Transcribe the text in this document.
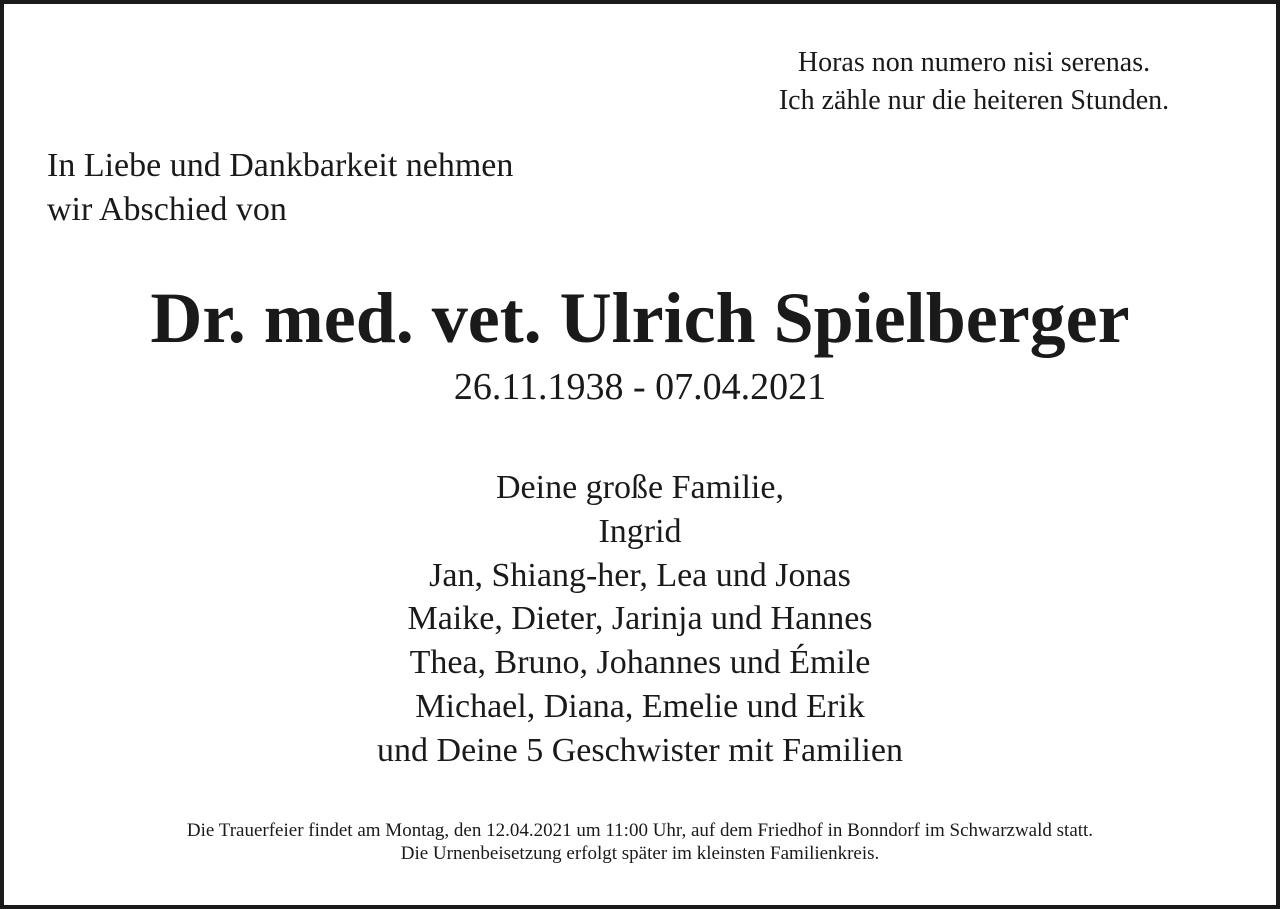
Horas non numero nisi serenas.
Ich zähle nur die heiteren Stunden.
In Liebe und Dankbarkeit nehmen
wir Abschied von
Dr. med. vet. Ulrich Spielberger
26.11.1938 - 07.04.2021
Deine große Familie,
Ingrid
Jan, Shiang-her, Lea und Jonas
Maike, Dieter, Jarinja und Hannes
Thea, Bruno, Johannes und Émile
Michael, Diana, Emelie und Erik
und Deine 5 Geschwister mit Familien
Die Trauerfeier findet am Montag, den 12.04.2021 um 11:00 Uhr, auf dem Friedhof in Bonndorf im Schwarzwald statt.
Die Urnenbeisetzung erfolgt später im kleinsten Familienkreis.
